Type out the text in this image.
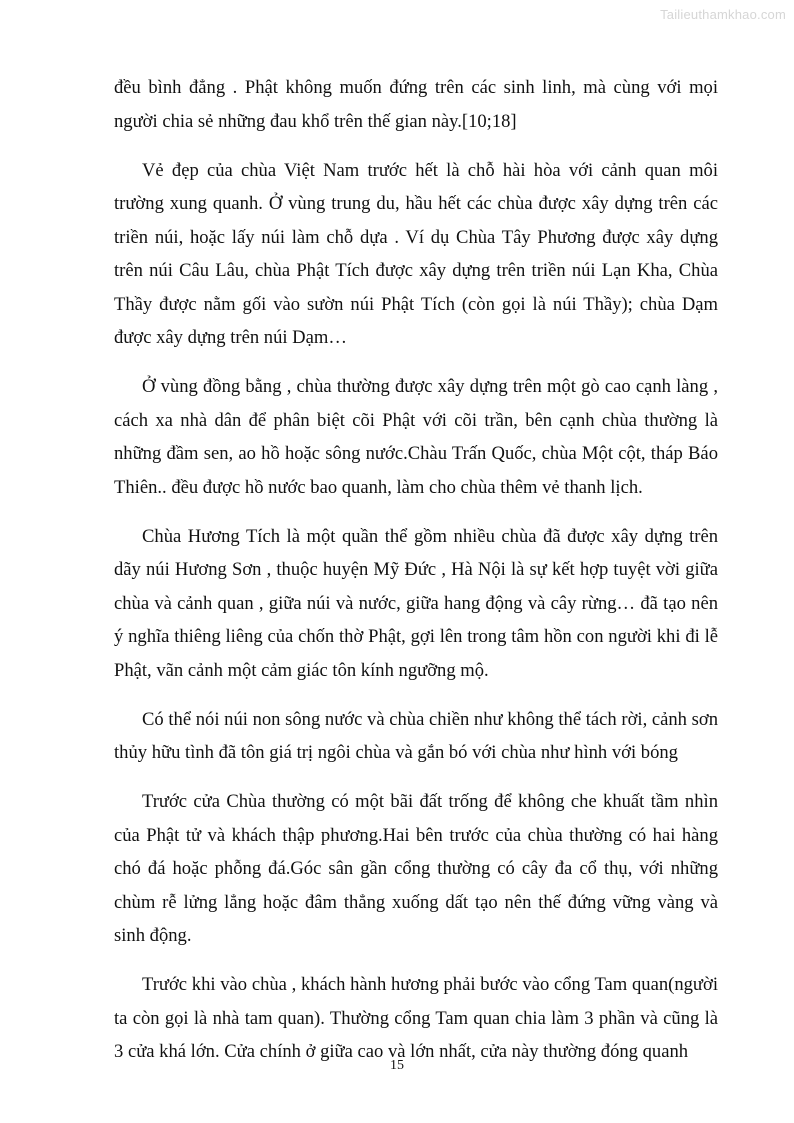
Tailieuthamkhao.com

đều bình đẳng . Phật không muốn đứng trên các sinh linh, mà cùng với mọi người chia sẻ những đau khổ trên thế gian này.[10;18]

Vẻ đẹp của chùa Việt Nam trước hết là chỗ hài hòa với cảnh quan môi trường xung quanh. Ở vùng trung du, hầu hết các chùa được xây dựng trên các triền núi, hoặc lấy núi làm chỗ dựa . Ví dụ Chùa Tây Phương được xây dựng trên núi Câu Lâu, chùa Phật Tích được xây dựng trên triền núi Lạn Kha, Chùa Thầy được nằm gối vào sườn núi Phật Tích (còn gọi là núi Thầy); chùa Dạm được xây dựng trên núi Dạm…

Ở vùng đồng bằng , chùa thường được xây dựng trên một gò cao cạnh làng , cách xa nhà dân để phân biệt cõi Phật với cõi trần, bên cạnh chùa thường là những đầm sen, ao hồ hoặc sông nước.Chàu Trấn Quốc, chùa Một cột, tháp Báo Thiên.. đều được hồ nước bao quanh, làm cho chùa thêm vẻ thanh lịch.

Chùa Hương Tích là một quần thể gồm nhiều chùa đã được xây dựng trên dãy núi Hương Sơn , thuộc huyện Mỹ Đức , Hà Nội là sự kết hợp tuyệt vời giữa chùa và cảnh quan , giữa núi và nước, giữa hang động và cây rừng… đã tạo nên ý nghĩa thiêng liêng của chốn thờ Phật, gợi lên trong tâm hồn con người khi đi lễ Phật, vãn cảnh một cảm giác tôn kính ngưỡng mộ.

Có thể nói núi non sông nước và chùa chiền như không thể tách rời, cảnh sơn thủy hữu tình đã tôn giá trị ngôi chùa và gắn bó với chùa như hình với bóng

Trước cửa Chùa thường có một bãi đất trống để không che khuất tầm nhìn của Phật tử và khách thập phương.Hai bên trước của chùa thường có hai hàng chó đá hoặc phỗng đá.Góc sân gần cổng thường có cây đa cổ thụ, với những chùm rễ lửng lẳng hoặc đâm thẳng xuống dất tạo nên thế đứng vững vàng và sinh động.

Trước khi vào chùa , khách hành hương phải bước vào cổng Tam quan(người ta còn gọi là nhà tam quan). Thường cổng Tam quan chia làm 3 phần và cũng là 3 cửa khá lớn. Cửa chính ở giữa cao và lớn nhất, cửa này thường đóng quanh

15
